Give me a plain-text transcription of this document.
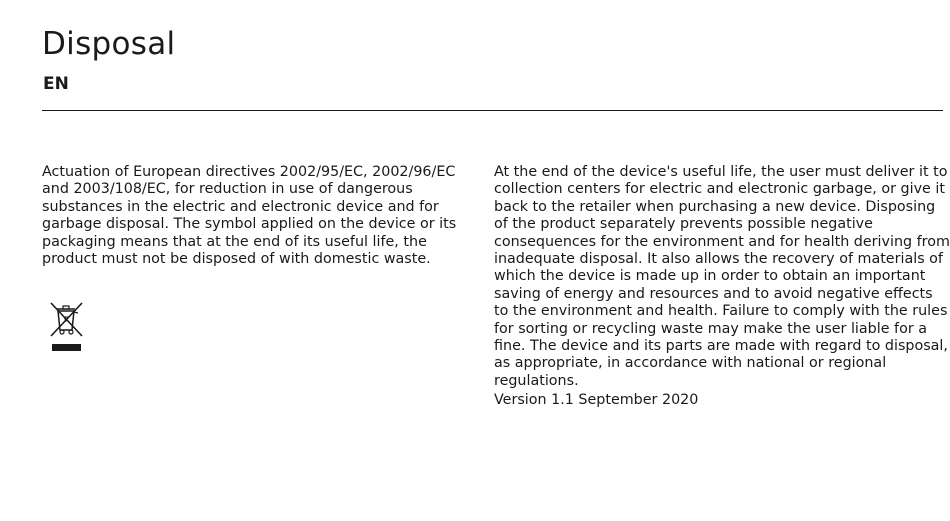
Disposal
EN

Actuation of European directives 2002/95/EC, 2002/96/EC and 2003/108/EC, for reduction in use of dangerous substances in the electric and electronic device and for garbage disposal. The symbol applied on the device or its packaging means that at the end of its useful life, the product must not be disposed of with domestic waste.

At the end of the device's useful life, the user must deliver it to collection centers for electric and electronic garbage, or give it back to the retailer when purchasing a new device. Disposing of the product separately prevents possible negative consequences for the environment and for health deriving from inadequate disposal. It also allows the recovery of materials of which the device is made up in order to obtain an important saving of energy and resources and to avoid negative effects to the environment and health. Failure to comply with the rules for sorting or recycling waste may make the user liable for a fine. The device and its parts are made with regard to disposal, as appropriate, in accordance with national or regional regulations.

Version 1.1 September 2020
